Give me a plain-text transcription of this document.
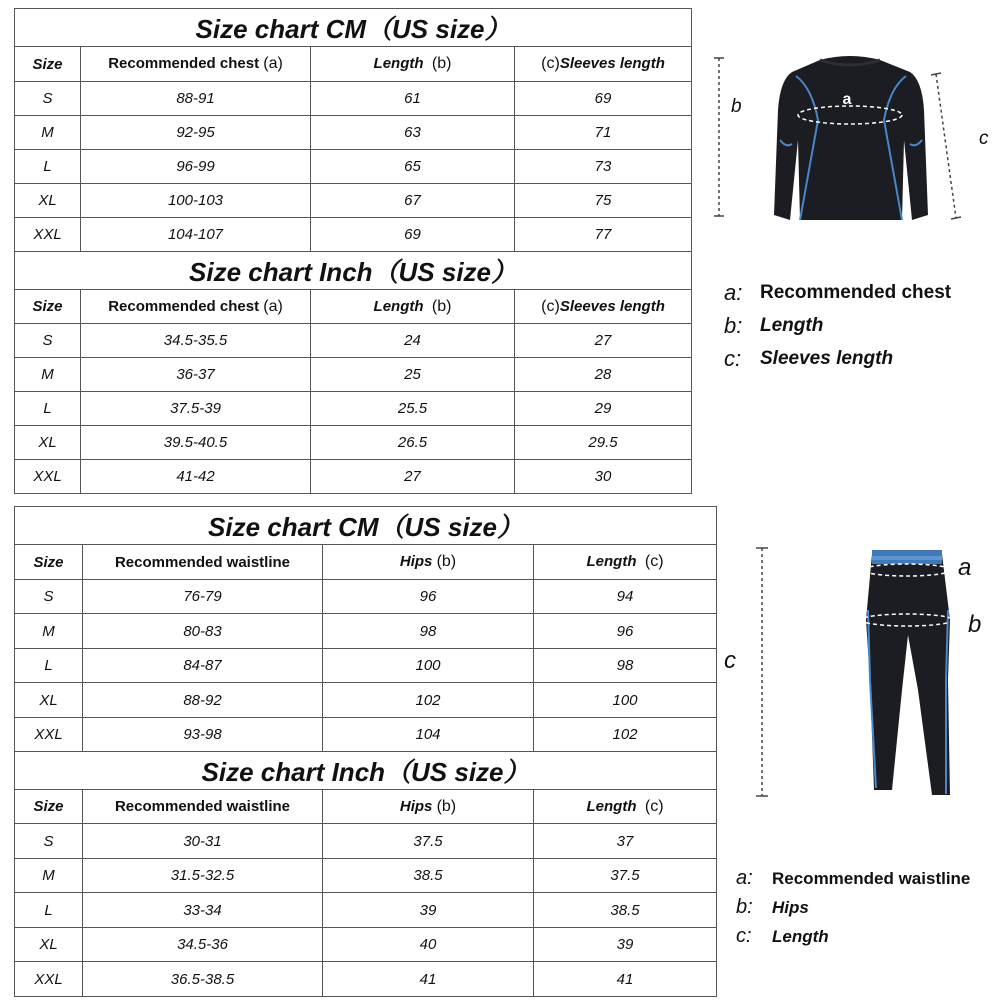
Size chart CM（US size）			
Size	Recommended chest (a)	Length (b)	(c)Sleeves length
S	88-91	61	69
M	92-95	63	71
L	96-99	65	73
XL	100-103	67	75
XXL	104-107	69	77
Size chart Inch（US size）			
Size	Recommended chest (a)	Length (b)	(c)Sleeves length
S	34.5-35.5	24	27
M	36-37	25	28
L	37.5-39	25.5	29
XL	39.5-40.5	26.5	29.5
XXL	41-42	27	30
Size chart CM（US size）			
Size	Recommended waistline	Hips (b)	Length (c)
S	76-79	96	94
M	80-83	98	96
L	84-87	100	98
XL	88-92	102	100
XXL	93-98	104	102
Size chart Inch（US size）			
Size	Recommended waistline	Hips (b)	Length (c)
S	30-31	37.5	37
M	31.5-32.5	38.5	37.5
L	33-34	39	38.5
XL	34.5-36	40	39
XXL	36.5-38.5	41	41
a
b
c
a: Recommended chest
b: Length
c: Sleeves length
a
b
c
a:	Recommended waistline
b:	Hips
c:	Length
